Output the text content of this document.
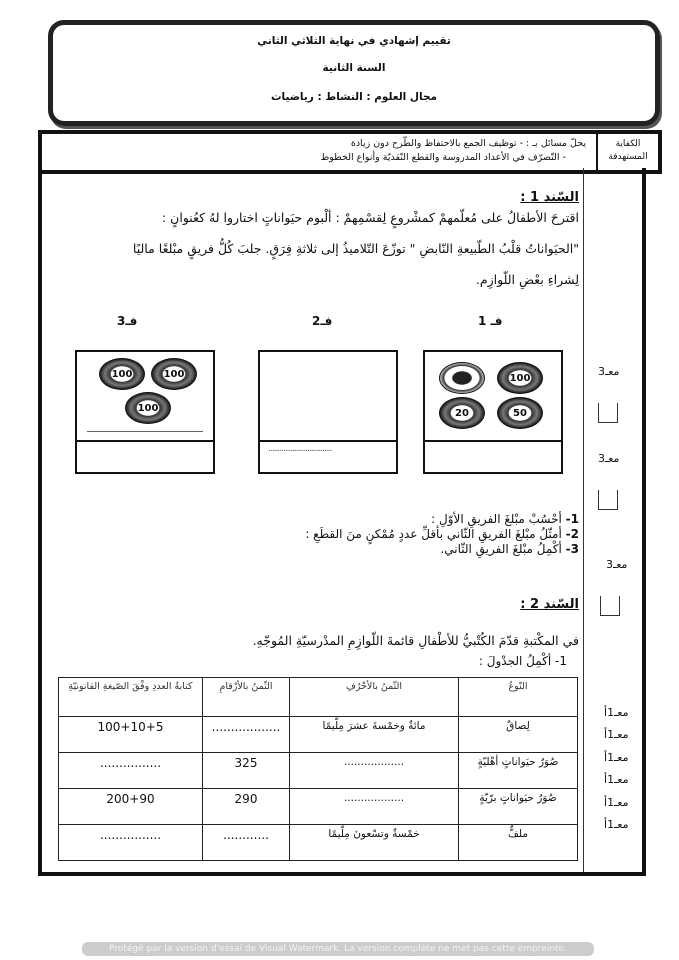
تقييم إشهادي في نهاية الثلاثي الثاني
السنة الثانية
مجال العلوم : النشاط : رياضيات
الكفاية
المستهدفة
يحلّ مسائل بـ : - توظيف الجمع بالاحتفاظ والطّرح دون زيادة
- التّصرّف في الأعداد المدروسة والقطع النّقديّة وأنواع الخطوط
السّند 1 :
اقترحَ الأطفالُ على مُعلّمهمْ كمشْروعٍ لِقسْمِهمْ : ألْبوم حيَواناتٍ اختاروا لهُ كعُنوانٍ :
"الحيَواناتُ قلْبُ الطّبيعةِ النّابضِ " توزّعَ التّلاميذُ إلى ثلاثةِ فِرَقٍ. جلبَ كُلُّ فريقٍ مبْلغًا ماليًا
لِشراءِ بعْضِ اللّوازِم.
فـ 1
فـ2
فـ3
100
20	50
..................................
100	100
100
1- أحْسُبْ مبْلغَ الفريقِ الأوّلِ :
2- أمثّلُ مبْلغَ الفريقِ الثّاني بأقلِّ عددٍ مُمْكنٍ منَ القطَعِ :
3- أكْمِلُ مبْلغَ الفريقِ الثّاني.
السّند 2 :
في المكْتبةِ قدّمَ الكُتْبيُّ للأطْفالِ قائمةَ اللّوازِمِ المدْرسيّةِ المُوجّهِ.
1- أكْمِلُ الجدْولَ :
النّوعُ	الثّمنُ بالأحْرُفِ	الثّمنُ بالأرْقامِ	كتابةُ العددِ وفْقَ الصّيغةِ القانونيّةِ
لِصاقٌ	مائةٌ وخمْسةَ عشرَ مِلّيمًا	..................	100+10+5
صُوَرُ حيَواناتٍ أهْليّةٍ	..................	325	................
صُوَرُ حيَواناتٍ برّيّةٍ	..................	290	200+90
ملفٌّ	خمْسةٌ وتسْعونَ مِلّيمًا	............	................
معـ3
معـ3
معـ3
معـ1أ
معـ1أ
معـ1أ
معـ1أ
معـ1أ
معـ1أ
Protégé par la version d'essai de Visual Watermark. La version complète ne met pas cette empreinte.
